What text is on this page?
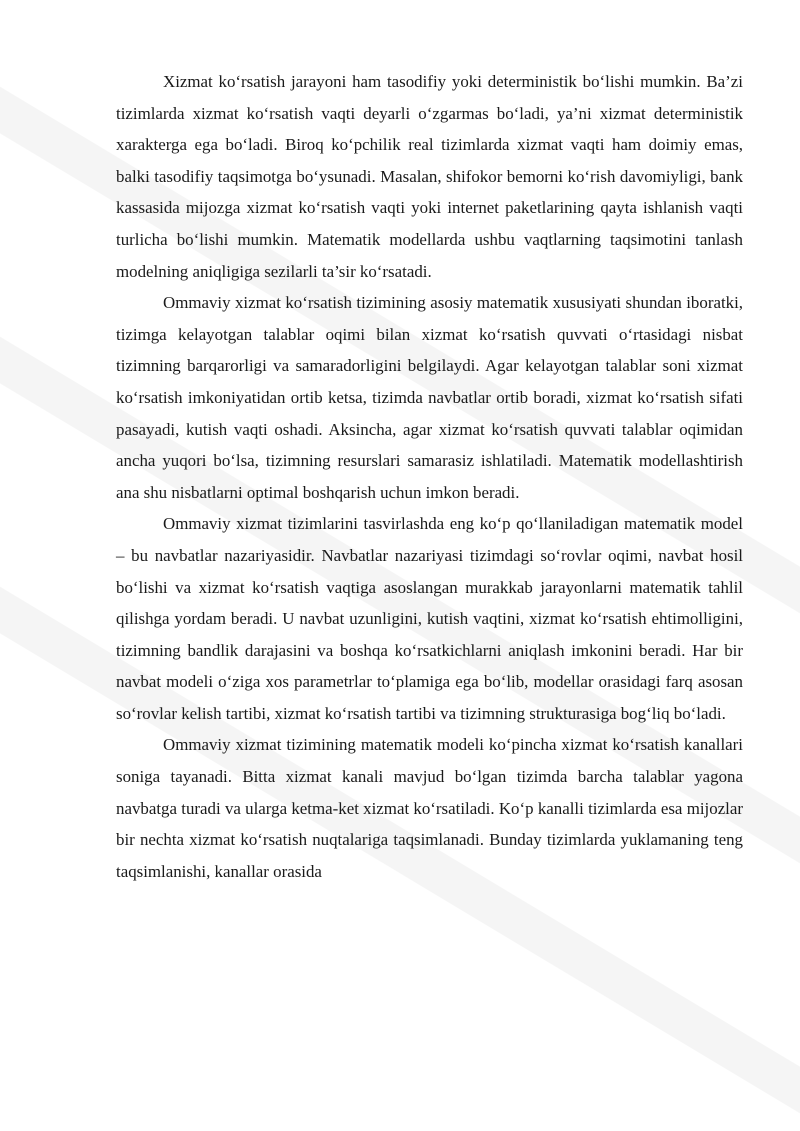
Xizmat ko‘rsatish jarayoni ham tasodifiy yoki deterministik bo‘lishi mumkin. Ba’zi tizimlarda xizmat ko‘rsatish vaqti deyarli o‘zgarmas bo‘ladi, ya’ni xizmat deterministik xarakterga ega bo‘ladi. Biroq ko‘pchilik real tizimlarda xizmat vaqti ham doimiy emas, balki tasodifiy taqsimotga bo‘ysunadi. Masalan, shifokor bemorni ko‘rish davomiyligi, bank kassasida mijozga xizmat ko‘rsatish vaqti yoki internet paketlarining qayta ishlanish vaqti turlicha bo‘lishi mumkin. Matematik modellarda ushbu vaqtlarning taqsimotini tanlash modelning aniqligiga sezilarli ta’sir ko‘rsatadi.

Ommaviy xizmat ko‘rsatish tizimining asosiy matematik xususiyati shundan iboratki, tizimga kelayotgan talablar oqimi bilan xizmat ko‘rsatish quvvati o‘rtasidagi nisbat tizimning barqarorligi va samaradorligini belgilaydi. Agar kelayotgan talablar soni xizmat ko‘rsatish imkoniyatidan ortib ketsa, tizimda navbatlar ortib boradi, xizmat ko‘rsatish sifati pasayadi, kutish vaqti oshadi. Aksincha, agar xizmat ko‘rsatish quvvati talablar oqimidan ancha yuqori bo‘lsa, tizimning resurslari samarasiz ishlatiladi. Matematik modellashtirish ana shu nisbatlarni optimal boshqarish uchun imkon beradi.

Ommaviy xizmat tizimlarini tasvirlashda eng ko‘p qo‘llaniladigan matematik model – bu navbatlar nazariyasidir. Navbatlar nazariyasi tizimdagi so‘rovlar oqimi, navbat hosil bo‘lishi va xizmat ko‘rsatish vaqtiga asoslangan murakkab jarayonlarni matematik tahlil qilishga yordam beradi. U navbat uzunligini, kutish vaqtini, xizmat ko‘rsatish ehtimolligini, tizimning bandlik darajasini va boshqa ko‘rsatkichlarni aniqlash imkonini beradi. Har bir navbat modeli o‘ziga xos parametrlar to‘plamiga ega bo‘lib, modellar orasidagi farq asosan so‘rovlar kelish tartibi, xizmat ko‘rsatish tartibi va tizimning strukturasiga bog‘liq bo‘ladi.

Ommaviy xizmat tizimining matematik modeli ko‘pincha xizmat ko‘rsatish kanallari soniga tayanadi. Bitta xizmat kanali mavjud bo‘lgan tizimda barcha talablar yagona navbatga turadi va ularga ketma-ket xizmat ko‘rsatiladi. Ko‘p kanalli tizimlarda esa mijozlar bir nechta xizmat ko‘rsatish nuqtalariga taqsimlanadi. Bunday tizimlarda yuklamaning teng taqsimlanishi, kanallar orasida
